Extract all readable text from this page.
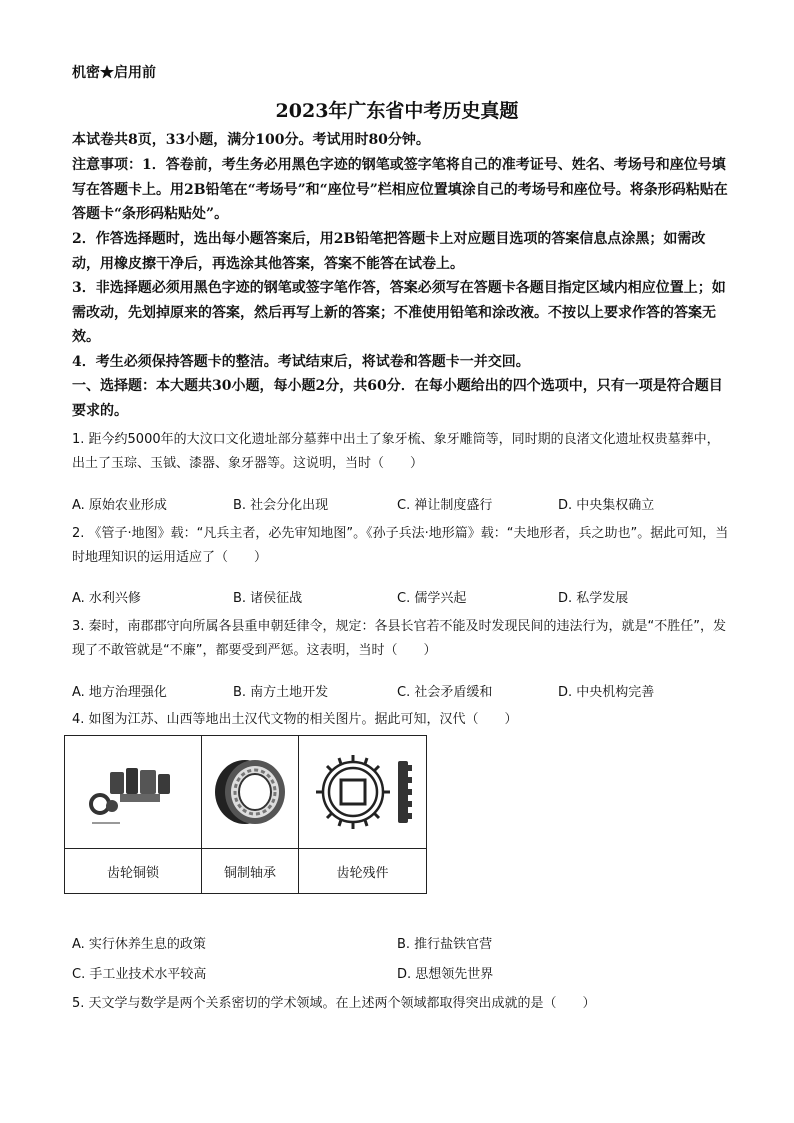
机密★启用前
2023年广东省中考历史真题
本试卷共8页，33小题，满分100分。考试用时80分钟。
注意事项：1．答卷前，考生务必用黑色字迹的钢笔或签字笔将自己的准考证号、姓名、考场号和座位号填写在答题卡上。用2B铅笔在“考场号”和“座位号”栏相应位置填涂自己的考场号和座位号。将条形码粘贴在答题卡“条形码粘贴处”。
2．作答选择题时，选出每小题答案后，用2B铅笔把答题卡上对应题目选项的答案信息点涂黑；如需改动，用橡皮擦干净后，再选涂其他答案，答案不能答在试卷上。
3．非选择题必须用黑色字迹的钢笔或签字笔作答，答案必须写在答题卡各题目指定区域内相应位置上；如需改动，先划掉原来的答案，然后再写上新的答案；不准使用铅笔和涂改液。不按以上要求作答的答案无效。
4．考生必须保持答题卡的整洁。考试结束后，将试卷和答题卡一并交回。
一、选择题：本大题共30小题，每小题2分，共60分．在每小题给出的四个选项中，只有一项是符合题目要求的。
1. 距今约5000年的大汶口文化遗址部分墓葬中出土了象牙梳、象牙雕筒等，同时期的良渚文化遗址权贵墓葬中，出土了玉琮、玉钺、漆器、象牙器等。这说明，当时（　　）
A. 原始农业形成	B. 社会分化出现	C. 禅让制度盛行	D. 中央集权确立
2. 《管子·地图》载：“凡兵主者，必先审知地图”。《孙子兵法·地形篇》载：“夫地形者，兵之助也”。据此可知，当时地理知识的运用适应了（　　）
A. 水利兴修	B. 诸侯征战	C. 儒学兴起	D. 私学发展
3. 秦时，南郡郡守向所属各县重申朝廷律令，规定：各县长官若不能及时发现民间的违法行为，就是“不胜任”，发现了不敢管就是“不廉”，都要受到严惩。这表明，当时（　　）
A. 地方治理强化	B. 南方土地开发	C. 社会矛盾缓和	D. 中央机构完善
4. 如图为江苏、山西等地出土汉代文物的相关图片。据此可知，汉代（　　）

齿轮铜锁	铜制轴承	齿轮残件
A. 实行休养生息的政策	B. 推行盐铁官营
C. 手工业技术水平较高	D. 思想领先世界
5. 天文学与数学是两个关系密切的学术领域。在上述两个领域都取得突出成就的是（　　）
